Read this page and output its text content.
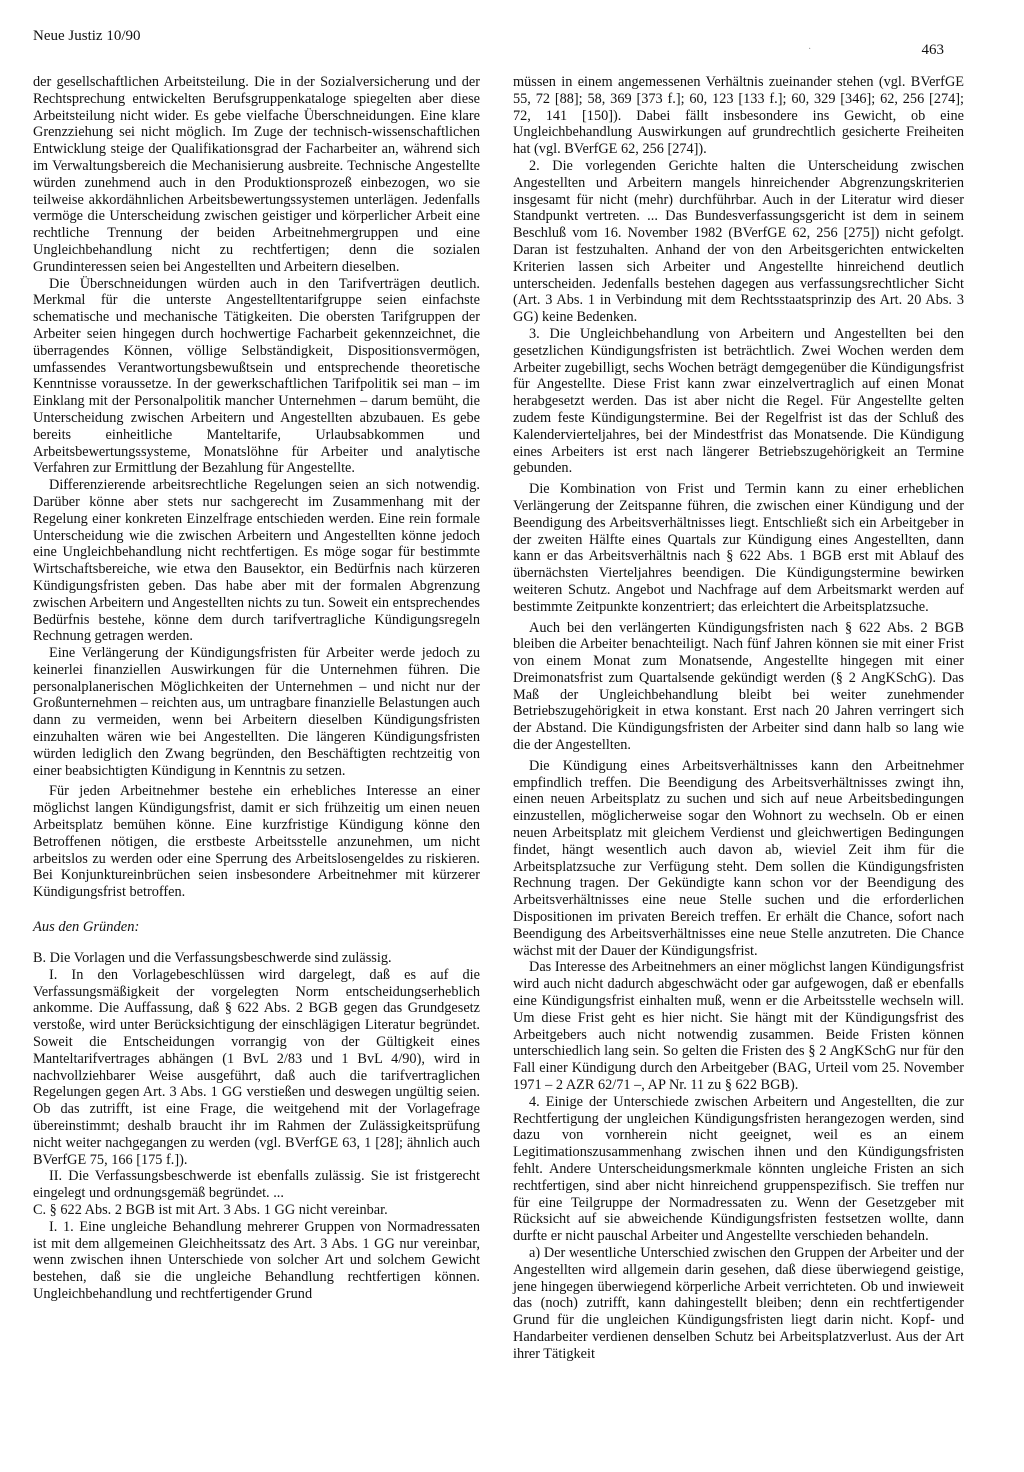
Neue Justiz 10/90
463
·

der gesellschaftlichen Arbeitsteilung. Die in der Sozialversicherung und der Rechtsprechung entwickelten Berufsgruppenkataloge spiegelten aber diese Arbeitsteilung nicht wider. Es gebe vielfache Überschneidungen. Eine klare Grenzziehung sei nicht möglich. Im Zuge der technisch-wissenschaftlichen Entwicklung steige der Qualifikationsgrad der Facharbeiter an, während sich im Verwaltungsbereich die Mechanisierung ausbreite. Technische Angestellte würden zunehmend auch in den Produktionsprozeß einbezogen, wo sie teilweise akkordähnlichen Arbeitsbewertungssystemen unterlägen. Jedenfalls vermöge die Unterscheidung zwischen geistiger und körperlicher Arbeit eine rechtliche Trennung der beiden Arbeitnehmergruppen und eine Ungleichbehandlung nicht zu rechtfertigen; denn die sozialen Grundinteressen seien bei Angestellten und Arbeitern dieselben.

Die Überschneidungen würden auch in den Tarifverträgen deutlich. Merkmal für die unterste Angestelltentarifgruppe seien einfachste schematische und mechanische Tätigkeiten. Die obersten Tarifgruppen der Arbeiter seien hingegen durch hochwertige Facharbeit gekennzeichnet, die überragendes Können, völlige Selbständigkeit, Dispositionsvermögen, umfassendes Verantwortungsbewußtsein und entsprechende theoretische Kenntnisse voraussetze. In der gewerkschaftlichen Tarifpolitik sei man – im Einklang mit der Personalpolitik mancher Unternehmen – darum bemüht, die Unterscheidung zwischen Arbeitern und Angestellten abzubauen. Es gebe bereits einheitliche Manteltarife, Urlaubsabkommen und Arbeitsbewertungssysteme, Monatslöhne für Arbeiter und analytische Verfahren zur Ermittlung der Bezahlung für Angestellte.

Differenzierende arbeitsrechtliche Regelungen seien an sich notwendig. Darüber könne aber stets nur sachgerecht im Zusammenhang mit der Regelung einer konkreten Einzelfrage entschieden werden. Eine rein formale Unterscheidung wie die zwischen Arbeitern und Angestellten könne jedoch eine Ungleichbehandlung nicht rechtfertigen. Es möge sogar für bestimmte Wirtschaftsbereiche, wie etwa den Bausektor, ein Bedürfnis nach kürzeren Kündigungsfristen geben. Das habe aber mit der formalen Abgrenzung zwischen Arbeitern und Angestellten nichts zu tun. Soweit ein entsprechendes Bedürfnis bestehe, könne dem durch tarifvertragliche Kündigungsregeln Rechnung getragen werden.

Eine Verlängerung der Kündigungsfristen für Arbeiter werde jedoch zu keinerlei finanziellen Auswirkungen für die Unternehmen führen. Die personalplanerischen Möglichkeiten der Unternehmen – und nicht nur der Großunternehmen – reichten aus, um untragbare finanzielle Belastungen auch dann zu vermeiden, wenn bei Arbeitern dieselben Kündigungsfristen einzuhalten wären wie bei Angestellten. Die längeren Kündigungsfristen würden lediglich den Zwang begründen, den Beschäftigten rechtzeitig von einer beabsichtigten Kündigung in Kenntnis zu setzen.

Für jeden Arbeitnehmer bestehe ein erhebliches Interesse an einer möglichst langen Kündigungsfrist, damit er sich frühzeitig um einen neuen Arbeitsplatz bemühen könne. Eine kurzfristige Kündigung könne den Betroffenen nötigen, die erstbeste Arbeitsstelle anzunehmen, um nicht arbeitslos zu werden oder eine Sperrung des Arbeitslosengeldes zu riskieren. Bei Konjunktureinbrüchen seien insbesondere Arbeitnehmer mit kürzerer Kündigungsfrist betroffen.

Aus den Gründen:

B. Die Vorlagen und die Verfassungsbeschwerde sind zulässig.

I. In den Vorlagebeschlüssen wird dargelegt, daß es auf die Verfassungsmäßigkeit der vorgelegten Norm entscheidungserheblich ankomme. Die Auffassung, daß § 622 Abs. 2 BGB gegen das Grundgesetz verstoße, wird unter Berücksichtigung der einschlägigen Literatur begründet. Soweit die Entscheidungen vorrangig von der Gültigkeit eines Manteltarifvertrages abhängen (1 BvL 2/83 und 1 BvL 4/90), wird in nachvollziehbarer Weise ausgeführt, daß auch die tarifvertraglichen Regelungen gegen Art. 3 Abs. 1 GG verstießen und deswegen ungültig seien. Ob das zutrifft, ist eine Frage, die weitgehend mit der Vorlagefrage übereinstimmt; deshalb braucht ihr im Rahmen der Zulässigkeitsprüfung nicht weiter nachgegangen zu werden (vgl. BVerfGE 63, 1 [28]; ähnlich auch BVerfGE 75, 166 [175 f.]).

II. Die Verfassungsbeschwerde ist ebenfalls zulässig. Sie ist fristgerecht eingelegt und ordnungsgemäß begründet. ...

C. § 622 Abs. 2 BGB ist mit Art. 3 Abs. 1 GG nicht vereinbar.

I. 1. Eine ungleiche Behandlung mehrerer Gruppen von Normadressaten ist mit dem allgemeinen Gleichheitssatz des Art. 3 Abs. 1 GG nur vereinbar, wenn zwischen ihnen Unterschiede von solcher Art und solchem Gewicht bestehen, daß sie die ungleiche Behandlung rechtfertigen können. Ungleichbehandlung und rechtfertigender Grund

müssen in einem angemessenen Verhältnis zueinander stehen (vgl. BVerfGE 55, 72 [88]; 58, 369 [373 f.]; 60, 123 [133 f.]; 60, 329 [346]; 62, 256 [274]; 72, 141 [150]). Dabei fällt insbesondere ins Gewicht, ob eine Ungleichbehandlung Auswirkungen auf grundrechtlich gesicherte Freiheiten hat (vgl. BVerfGE 62, 256 [274]).

2. Die vorlegenden Gerichte halten die Unterscheidung zwischen Angestellten und Arbeitern mangels hinreichender Abgrenzungskriterien insgesamt für nicht (mehr) durchführbar. Auch in der Literatur wird dieser Standpunkt vertreten. ... Das Bundesverfassungsgericht ist dem in seinem Beschluß vom 16. November 1982 (BVerfGE 62, 256 [275]) nicht gefolgt. Daran ist festzuhalten. Anhand der von den Arbeitsgerichten entwickelten Kriterien lassen sich Arbeiter und Angestellte hinreichend deutlich unterscheiden. Jedenfalls bestehen dagegen aus verfassungsrechtlicher Sicht (Art. 3 Abs. 1 in Verbindung mit dem Rechtsstaatsprinzip des Art. 20 Abs. 3 GG) keine Bedenken.

3. Die Ungleichbehandlung von Arbeitern und Angestellten bei den gesetzlichen Kündigungsfristen ist beträchtlich. Zwei Wochen werden dem Arbeiter zugebilligt, sechs Wochen beträgt demgegenüber die Kündigungsfrist für Angestellte. Diese Frist kann zwar einzelvertraglich auf einen Monat herabgesetzt werden. Das ist aber nicht die Regel. Für Angestellte gelten zudem feste Kündigungstermine. Bei der Regelfrist ist das der Schluß des Kalendervierteljahres, bei der Mindestfrist das Monatsende. Die Kündigung eines Arbeiters ist erst nach längerer Betriebszugehörigkeit an Termine gebunden.

Die Kombination von Frist und Termin kann zu einer erheblichen Verlängerung der Zeitspanne führen, die zwischen einer Kündigung und der Beendigung des Arbeitsverhältnisses liegt. Entschließt sich ein Arbeitgeber in der zweiten Hälfte eines Quartals zur Kündigung eines Angestellten, dann kann er das Arbeitsverhältnis nach § 622 Abs. 1 BGB erst mit Ablauf des übernächsten Vierteljahres beendigen. Die Kündigungstermine bewirken weiteren Schutz. Angebot und Nachfrage auf dem Arbeitsmarkt werden auf bestimmte Zeitpunkte konzentriert; das erleichtert die Arbeitsplatzsuche.

Auch bei den verlängerten Kündigungsfristen nach § 622 Abs. 2 BGB bleiben die Arbeiter benachteiligt. Nach fünf Jahren können sie mit einer Frist von einem Monat zum Monatsende, Angestellte hingegen mit einer Dreimonatsfrist zum Quartalsende gekündigt werden (§ 2 AngKSchG). Das Maß der Ungleichbehandlung bleibt bei weiter zunehmender Betriebszugehörigkeit in etwa konstant. Erst nach 20 Jahren verringert sich der Abstand. Die Kündigungsfristen der Arbeiter sind dann halb so lang wie die der Angestellten.

Die Kündigung eines Arbeitsverhältnisses kann den Arbeitnehmer empfindlich treffen. Die Beendigung des Arbeitsverhältnisses zwingt ihn, einen neuen Arbeitsplatz zu suchen und sich auf neue Arbeitsbedingungen einzustellen, möglicherweise sogar den Wohnort zu wechseln. Ob er einen neuen Arbeitsplatz mit gleichem Verdienst und gleichwertigen Bedingungen findet, hängt wesentlich auch davon ab, wieviel Zeit ihm für die Arbeitsplatzsuche zur Verfügung steht. Dem sollen die Kündigungsfristen Rechnung tragen. Der Gekündigte kann schon vor der Beendigung des Arbeitsverhältnisses eine neue Stelle suchen und die erforderlichen Dispositionen im privaten Bereich treffen. Er erhält die Chance, sofort nach Beendigung des Arbeitsverhältnisses eine neue Stelle anzutreten. Die Chance wächst mit der Dauer der Kündigungsfrist.

Das Interesse des Arbeitnehmers an einer möglichst langen Kündigungsfrist wird auch nicht dadurch abgeschwächt oder gar aufgewogen, daß er ebenfalls eine Kündigungsfrist einhalten muß, wenn er die Arbeitsstelle wechseln will. Um diese Frist geht es hier nicht. Sie hängt mit der Kündigungsfrist des Arbeitgebers auch nicht notwendig zusammen. Beide Fristen können unterschiedlich lang sein. So gelten die Fristen des § 2 AngKSchG nur für den Fall einer Kündigung durch den Arbeitgeber (BAG, Urteil vom 25. November 1971 – 2 AZR 62/71 –, AP Nr. 11 zu § 622 BGB).

4. Einige der Unterschiede zwischen Arbeitern und Angestellten, die zur Rechtfertigung der ungleichen Kündigungsfristen herangezogen werden, sind dazu von vornherein nicht geeignet, weil es an einem Legitimationszusammenhang zwischen ihnen und den Kündigungsfristen fehlt. Andere Unterscheidungsmerkmale könnten ungleiche Fristen an sich rechtfertigen, sind aber nicht hinreichend gruppenspezifisch. Sie treffen nur für eine Teilgruppe der Normadressaten zu. Wenn der Gesetzgeber mit Rücksicht auf sie abweichende Kündigungsfristen festsetzen wollte, dann durfte er nicht pauschal Arbeiter und Angestellte verschieden behandeln.

a) Der wesentliche Unterschied zwischen den Gruppen der Arbeiter und der Angestellten wird allgemein darin gesehen, daß diese überwiegend geistige, jene hingegen überwiegend körperliche Arbeit verrichteten. Ob und inwieweit das (noch) zutrifft, kann dahingestellt bleiben; denn ein rechtfertigender Grund für die ungleichen Kündigungsfristen liegt darin nicht. Kopf- und Handarbeiter verdienen denselben Schutz bei Arbeitsplatzverlust. Aus der Art ihrer Tätigkeit
